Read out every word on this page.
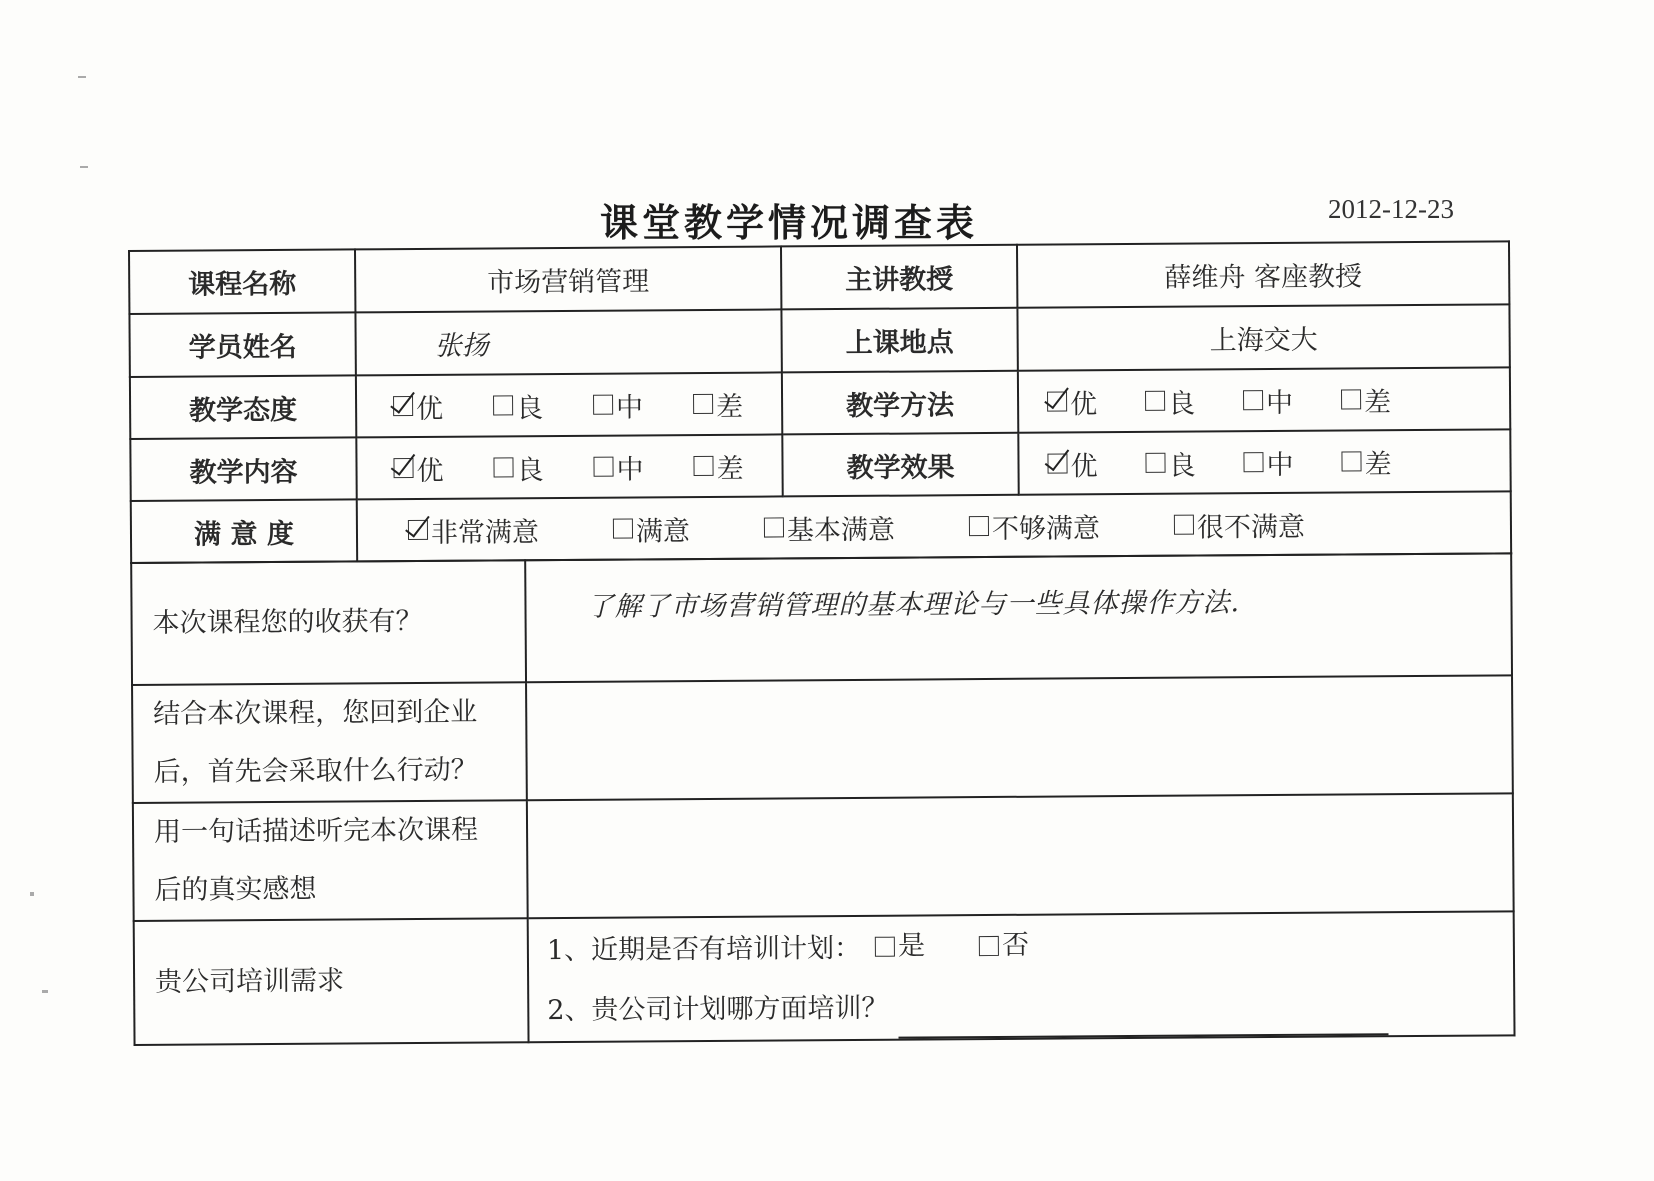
课堂教学情况调查表	2012-12-23
课程名称	市场营销管理	主讲教授	薛维舟 客座教授
学员姓名	张扬	上课地点	上海交大
教学态度	优 良 中 差	教学方法	优 良 中 差

教学内容	优 良 中 差	教学效果	优 良 中 差

满 意 度	非常满意 满意 基本满意 不够满意 很不满意		
本次课程您的收获有？	了解了市场营销管理的基本理论与一些具体操作方法.

结合本次课程，您回到企业
后，首先会采取什么行动？	

用一句话描述听完本次课程
后的真实感想	

贵公司培训需求	1、近期是否有培训计划： 是 否
2、贵公司计划哪方面培训？
